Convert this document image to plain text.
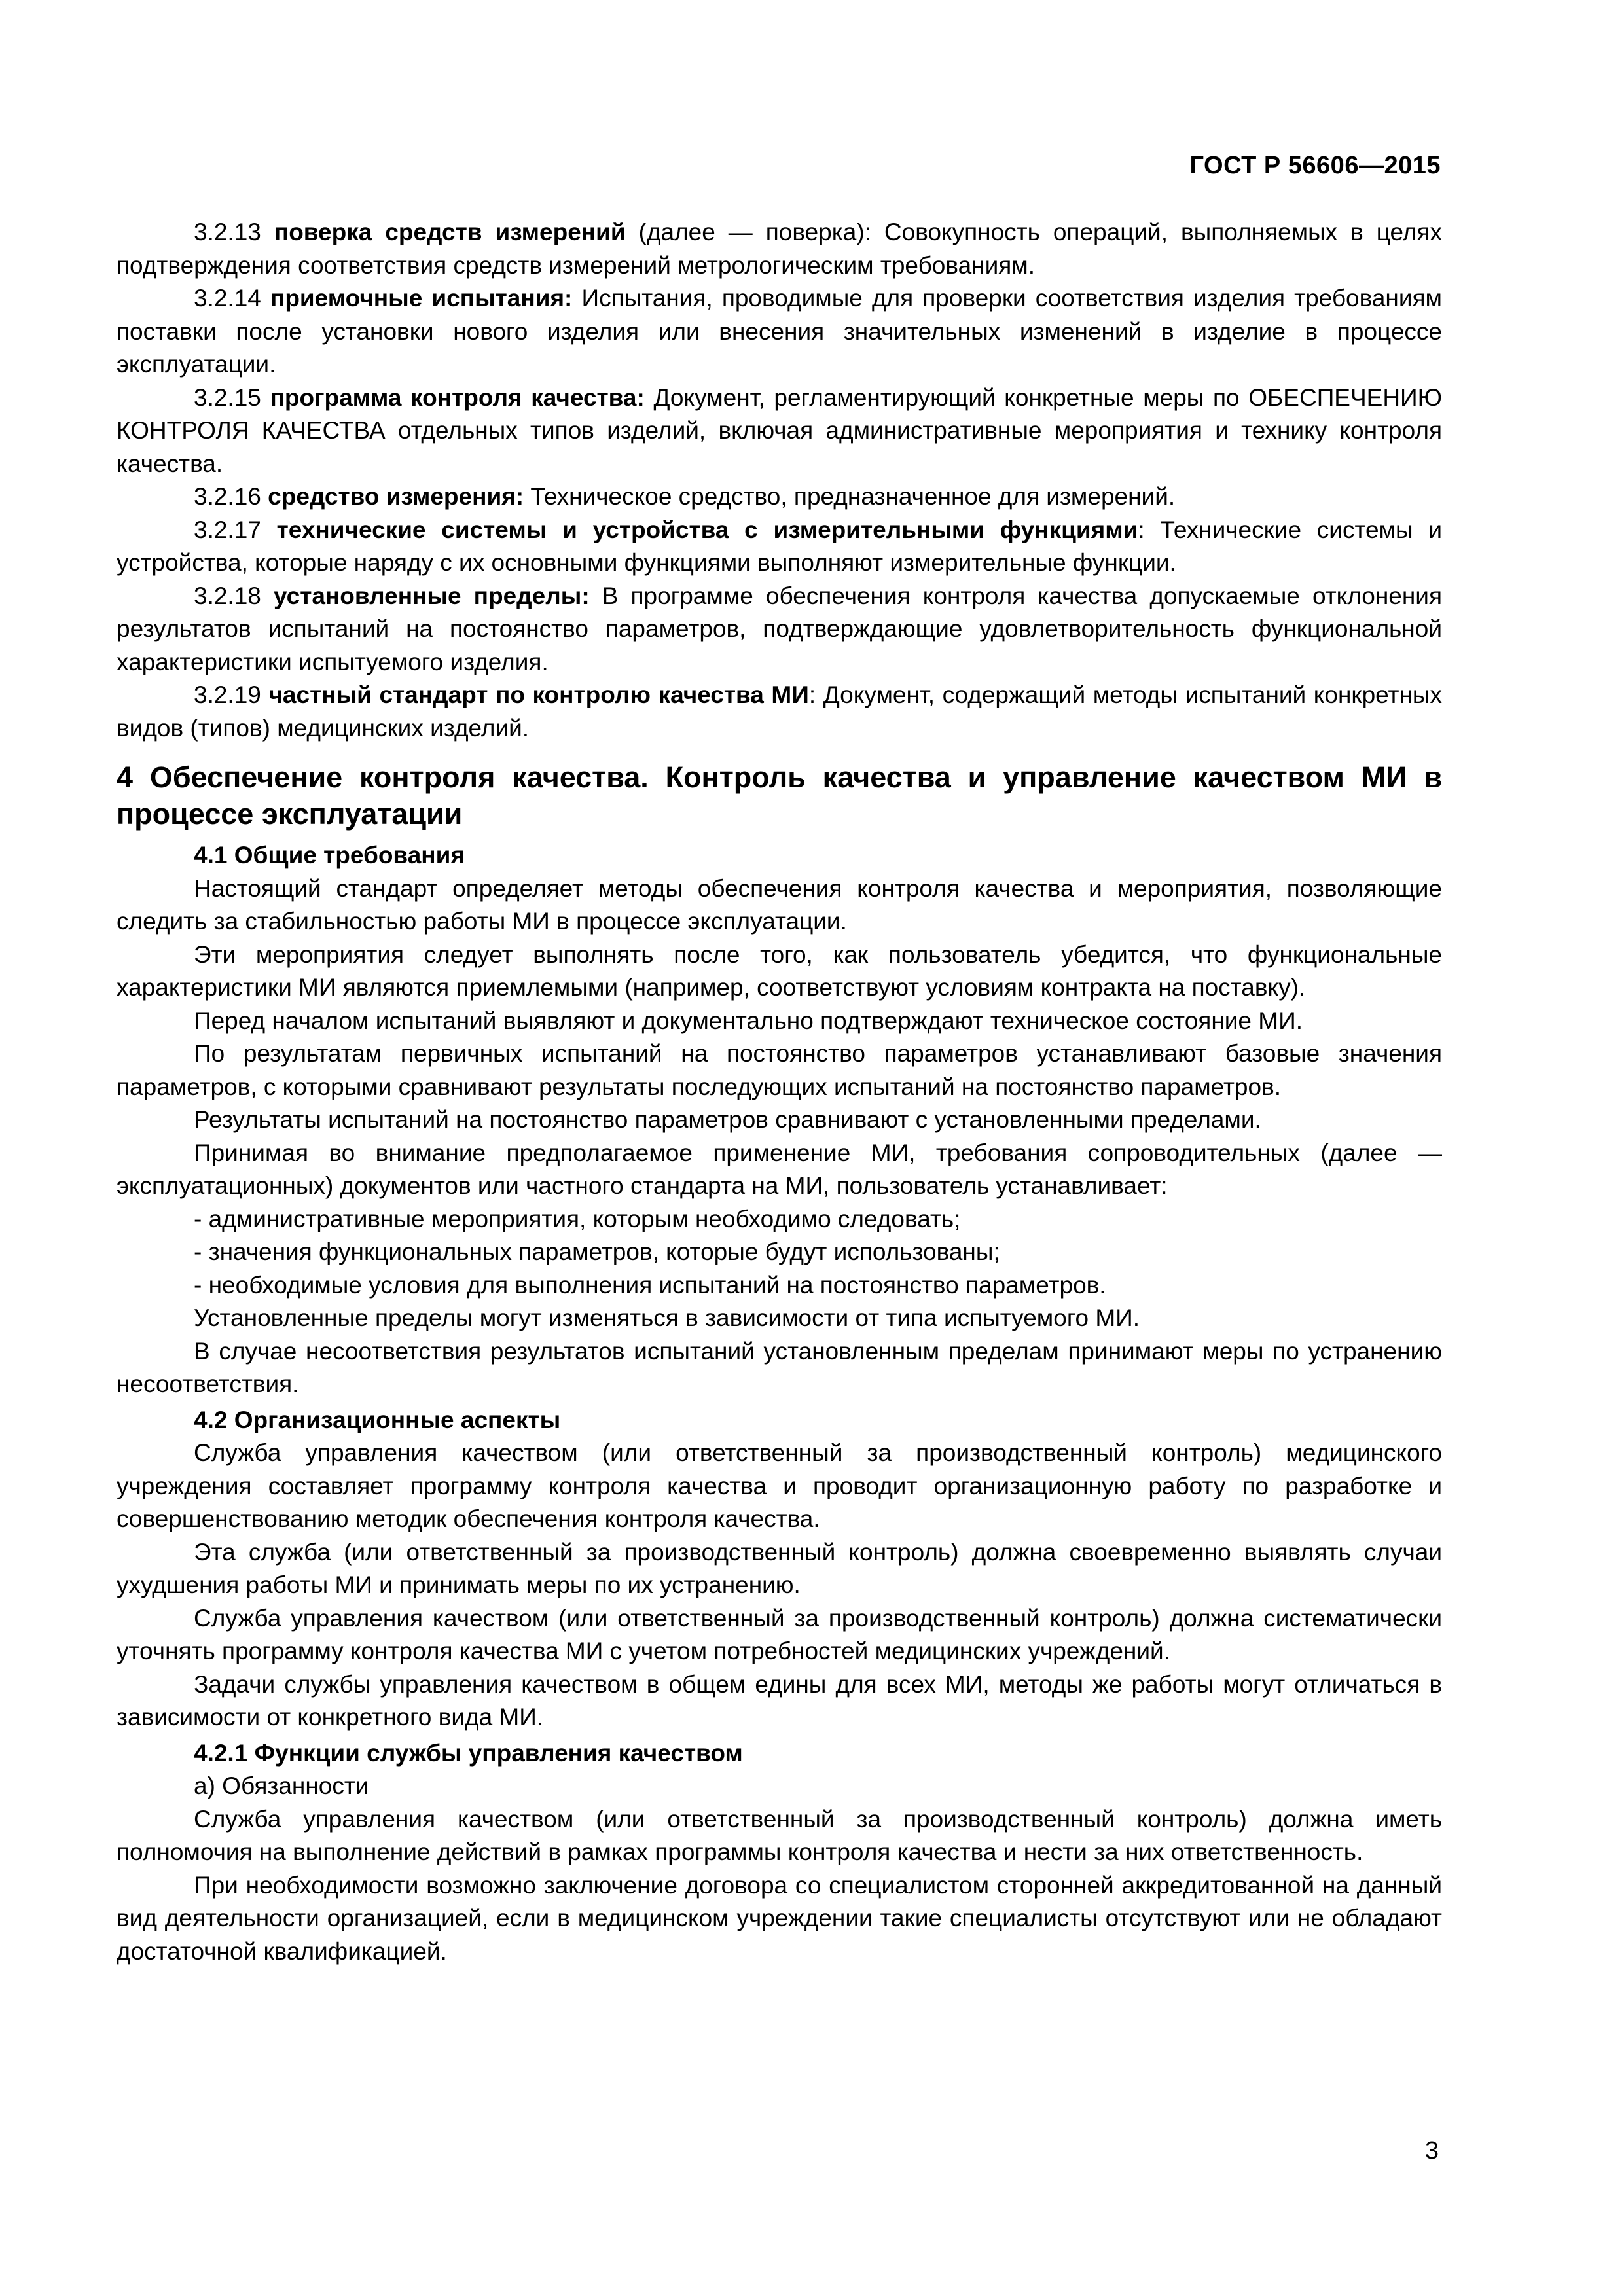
ГОСТ Р 56606—2015

3.2.13 поверка средств измерений (далее — поверка): Совокупность операций, выполняемых в целях подтверждения соответствия средств измерений метрологическим требованиям.

3.2.14 приемочные испытания: Испытания, проводимые для проверки соответствия изделия требованиям поставки после установки нового изделия или внесения значительных изменений в изделие в процессе эксплуатации.

3.2.15 программа контроля качества: Документ, регламентирующий конкретные меры по ОБЕСПЕЧЕНИЮ КОНТРОЛЯ КАЧЕСТВА отдельных типов изделий, включая административные мероприятия и технику контроля качества.

3.2.16 средство измерения: Техническое средство, предназначенное для измерений.

3.2.17 технические системы и устройства с измерительными функциями: Технические системы и устройства, которые наряду с их основными функциями выполняют измерительные функции.

3.2.18 установленные пределы: В программе обеспечения контроля качества допускаемые отклонения результатов испытаний на постоянство параметров, подтверждающие удовлетворительность функциональной характеристики испытуемого изделия.

3.2.19 частный стандарт по контролю качества МИ: Документ, содержащий методы испытаний конкретных видов (типов) медицинских изделий.

4 Обеспечение контроля качества. Контроль качества и управление качеством МИ в процессе эксплуатации
4.1 Общие требования

Настоящий стандарт определяет методы обеспечения контроля качества и мероприятия, позволяющие следить за стабильностью работы МИ в процессе эксплуатации.

Эти мероприятия следует выполнять после того, как пользователь убедится, что функциональные характеристики МИ являются приемлемыми (например, соответствуют условиям контракта на поставку).

Перед началом испытаний выявляют и документально подтверждают техническое состояние МИ.

По результатам первичных испытаний на постоянство параметров устанавливают базовые значения параметров, с которыми сравнивают результаты последующих испытаний на постоянство параметров.

Результаты испытаний на постоянство параметров сравнивают с установленными пределами.

Принимая во внимание предполагаемое применение МИ, требования сопроводительных (далее — эксплуатационных) документов или частного стандарта на МИ, пользователь устанавливает:

- административные мероприятия, которым необходимо следовать;

- значения функциональных параметров, которые будут использованы;

- необходимые условия для выполнения испытаний на постоянство параметров.

Установленные пределы могут изменяться в зависимости от типа испытуемого МИ.

В случае несоответствия результатов испытаний установленным пределам принимают меры по устранению несоответствия.

4.2 Организационные аспекты

Служба управления качеством (или ответственный за производственный контроль) медицинского учреждения составляет программу контроля качества и проводит организационную работу по разработке и совершенствованию методик обеспечения контроля качества.

Эта служба (или ответственный за производственный контроль) должна своевременно выявлять случаи ухудшения работы МИ и принимать меры по их устранению.

Служба управления качеством (или ответственный за производственный контроль) должна систематически уточнять программу контроля качества МИ с учетом потребностей медицинских учреждений.

Задачи службы управления качеством в общем едины для всех МИ, методы же работы могут отличаться в зависимости от конкретного вида МИ.

4.2.1 Функции службы управления качеством

а) Обязанности

Служба управления качеством (или ответственный за производственный контроль) должна иметь полномочия на выполнение действий в рамках программы контроля качества и нести за них ответственность.

При необходимости возможно заключение договора со специалистом сторонней аккредитованной на данный вид деятельности организацией, если в медицинском учреждении такие специалисты отсутствуют или не обладают достаточной квалификацией.

3
